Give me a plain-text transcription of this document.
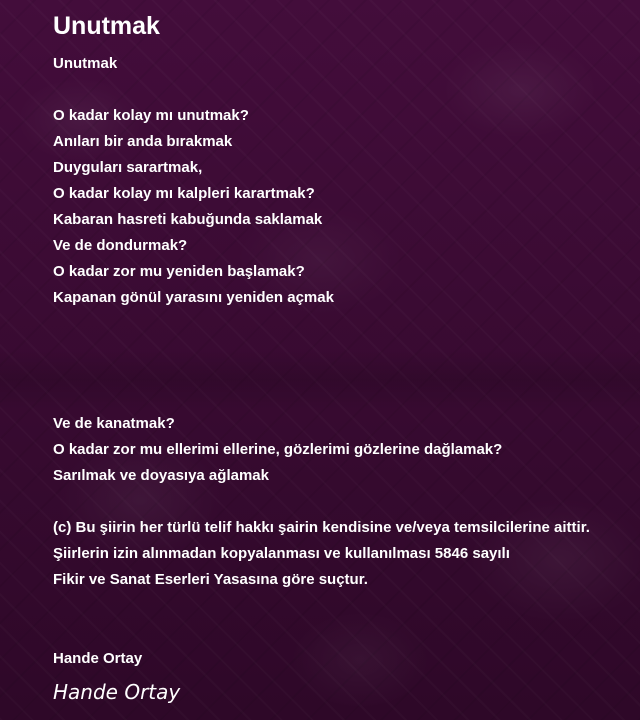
Unutmak
Unutmak
O kadar kolay mı unutmak?
Anıları bir anda bırakmak
Duyguları sarartmak,
O kadar kolay mı kalpleri karartmak?
Kabaran hasreti kabuğunda saklamak
Ve de dondurmak?
O kadar zor mu yeniden başlamak?
Kapanan gönül yarasını yeniden açmak
Ve de kanatmak?
O kadar zor mu ellerimi ellerine, gözlerimi gözlerine dağlamak?
Sarılmak ve doyasıya ağlamak
(c) Bu şiirin her türlü telif hakkı şairin kendisine ve/veya temsilcilerine aittir.
Şiirlerin izin alınmadan kopyalanması ve kullanılması 5846 sayılı
Fikir ve Sanat Eserleri Yasasına göre suçtur.
Hande Ortay
Hande Ortay
